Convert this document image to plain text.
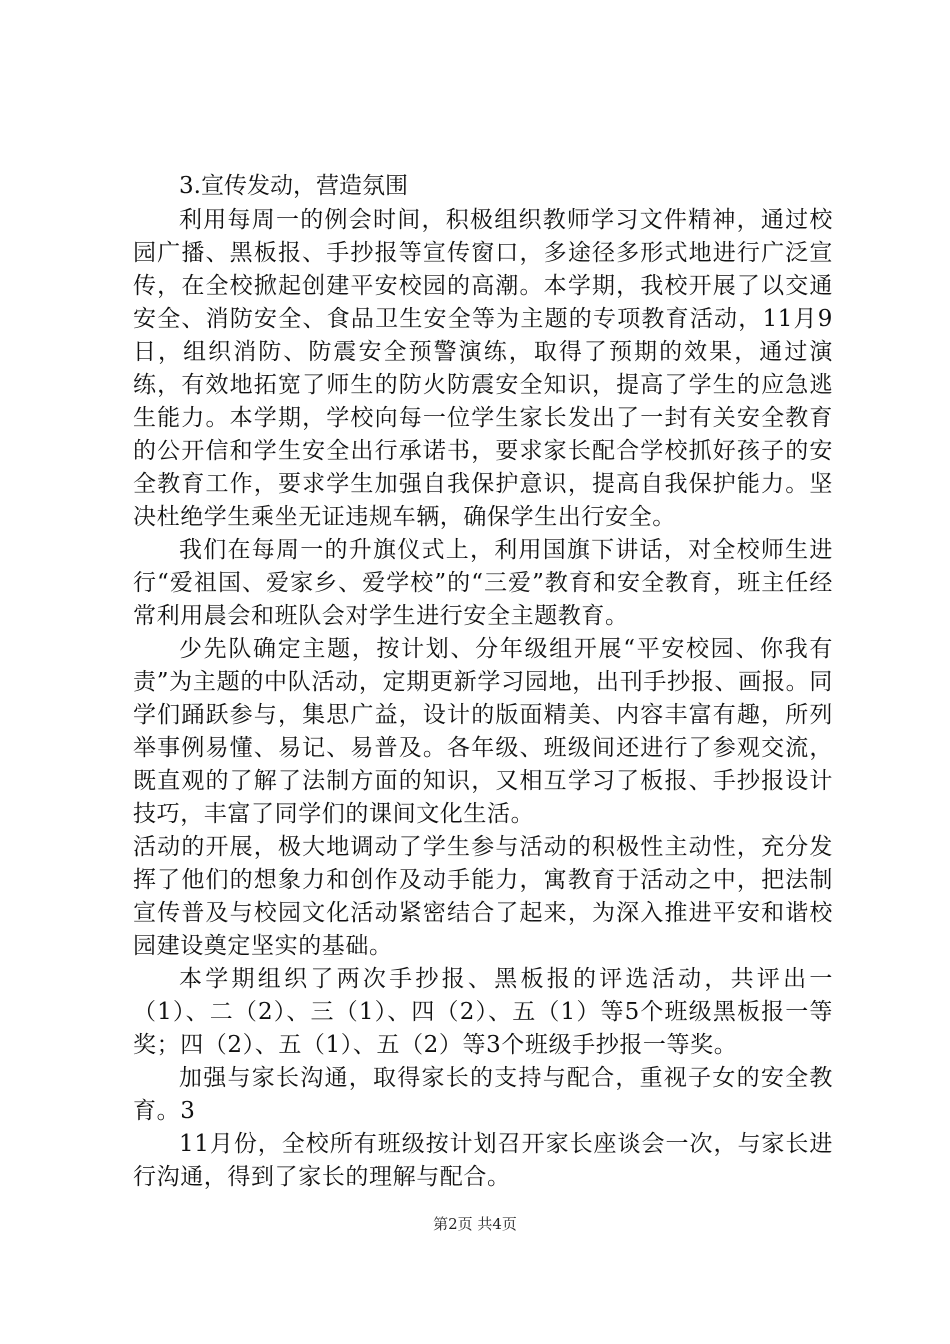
3.宣传发动，营造氛围

利用每周一的例会时间，积极组织教师学习文件精神，通过校园广播、黑板报、手抄报等宣传窗口，多途径多形式地进行广泛宣传，在全校掀起创建平安校园的高潮。本学期，我校开展了以交通安全、消防安全、食品卫生安全等为主题的专项教育活动，11月9日，组织消防、防震安全预警演练，取得了预期的效果，通过演练，有效地拓宽了师生的防火防震安全知识，提高了学生的应急逃生能力。本学期，学校向每一位学生家长发出了一封有关安全教育的公开信和学生安全出行承诺书，要求家长配合学校抓好孩子的安全教育工作，要求学生加强自我保护意识，提高自我保护能力。坚决杜绝学生乘坐无证违规车辆，确保学生出行安全。

我们在每周一的升旗仪式上，利用国旗下讲话，对全校师生进行“爱祖国、爱家乡、爱学校”的“三爱”教育和安全教育，班主任经常利用晨会和班队会对学生进行安全主题教育。

少先队确定主题，按计划、分年级组开展“平安校园、你我有责”为主题的中队活动，定期更新学习园地，出刊手抄报、画报。同学们踊跃参与，集思广益，设计的版面精美、内容丰富有趣，所列举事例易懂、易记、易普及。各年级、班级间还进行了参观交流，既直观的了解了法制方面的知识，又相互学习了板报、手抄报设计技巧，丰富了同学们的课间文化生活。

活动的开展，极大地调动了学生参与活动的积极性主动性，充分发挥了他们的想象力和创作及动手能力，寓教育于活动之中，把法制宣传普及与校园文化活动紧密结合了起来，为深入推进平安和谐校园建设奠定坚实的基础。

本学期组织了两次手抄报、黑板报的评选活动，共评出一（1）、二（2）、三（1）、四（2）、五（1）等5个班级黑板报一等奖；四（2）、五（1）、五（2）等3个班级手抄报一等奖。

加强与家长沟通，取得家长的支持与配合，重视子女的安全教育。3

11月份，全校所有班级按计划召开家长座谈会一次，与家长进行沟通，得到了家长的理解与配合。

第2页 共4页
